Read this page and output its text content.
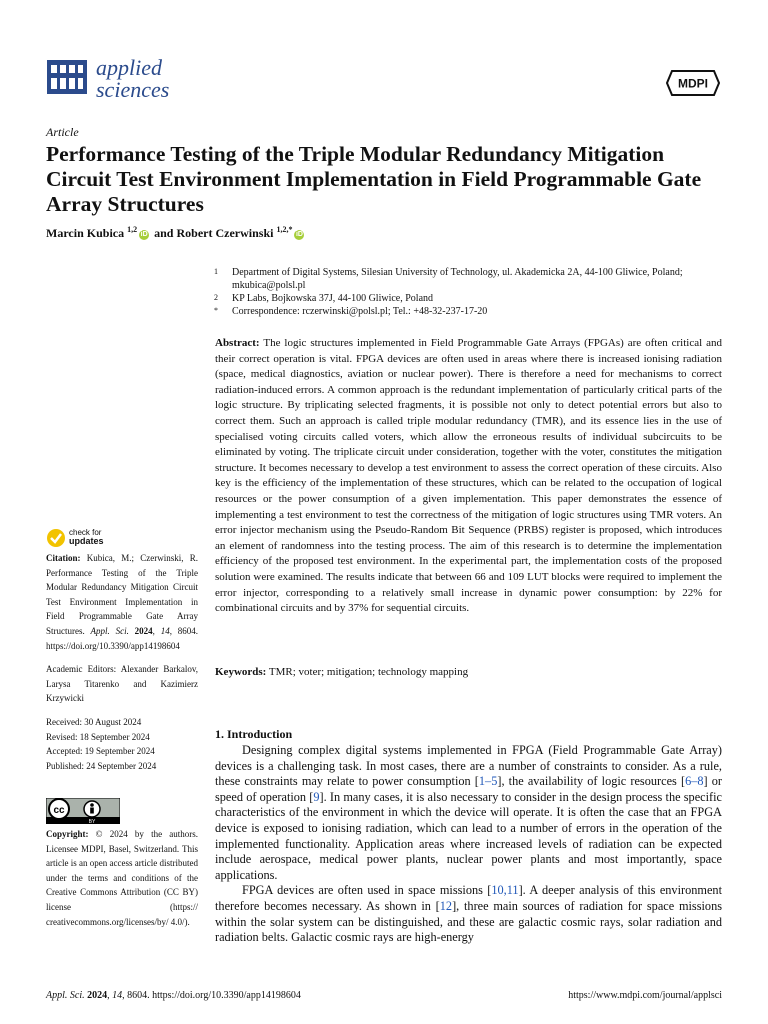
applied
sciences	MDPI
Article
Performance Testing of the Triple Modular Redundancy Mitigation Circuit Test Environment Implementation in Field Programmable Gate Array Structures
Marcin Kubica $^{1,2}$iD and Robert Czerwinski $^{1,2,*}$iD
1 Department of Digital Systems, Silesian University of Technology, ul. Akademicka 2A, 44-100 Gliwice, Poland; mkubica@polsl.pl
2 KP Labs, Bojkowska 37J, 44-100 Gliwice, Poland
* Correspondence: rczerwinski@polsl.pl; Tel.: +48-32-237-17-20
Abstract: The logic structures implemented in Field Programmable Gate Arrays (FPGAs) are often critical and their correct operation is vital. FPGA devices are often used in areas where there is increased ionising radiation (space, medical diagnostics, aviation or nuclear power). There is therefore a need for mechanisms to correct radiation-induced errors. A common approach is the redundant implementation of particularly critical parts of the logic structure. By triplicating selected fragments, it is possible not only to detect potential errors but also to correct them. Such an approach is called triple modular redundancy (TMR), and its essence lies in the use of specialised voting circuits called voters, which allow the erroneous results of individual subcircuits to be eliminated by voting. The triplicate circuit under consideration, together with the voter, constitutes the mitigation structure. It becomes necessary to develop a test environment to assess the correct operation of these circuits. Also key is the efficiency of the implementation of these structures, which can be related to the occupation of logical resources or the power consumption of a given implementation. This paper demonstrates the essence of implementing a test environment to test the correctness of the mitigation of logic structures using TMR voters. An error injector mechanism using the Pseudo-Random Bit Sequence (PRBS) register is proposed, which introduces an element of randomness into the testing process. The aim of this research is to determine the implementation efficiency of the proposed test environment. In the experimental part, the implementation costs of the proposed solution were examined. The results indicate that between 66 and 109 LUT blocks were required to implement the error injector, corresponding to a relatively small increase in dynamic power consumption: by 22% for combinational circuits and by 37% for sequential circuits.
Keywords: TMR; voter; mitigation; technology mapping
1. Introduction

Designing complex digital systems implemented in FPGA (Field Programmable Gate Array) devices is a challenging task. In most cases, there are a number of constraints to consider. As a rule, these constraints may relate to power consumption [1–5], the availability of logic resources [6–8] or speed of operation [9]. In many cases, it is also necessary to consider in the design process the specific characteristics of the environment in which the device will operate. It is often the case that an FPGA device is exposed to ionising radiation, which can lead to a number of errors in the operation of the implemented functionality. Application areas where increased levels of radiation can be expected include aerospace, medical power plants, nuclear power plants and most importantly, space applications.

FPGA devices are often used in space missions [10,11]. A deeper analysis of this environment therefore becomes necessary. As shown in [12], three main sources of radiation for space missions within the solar system can be distinguished, and these are galactic cosmic rays, solar radiation and radiation belts. Galactic cosmic rays are high-energy

check for
updates
Citation: Kubica, M.; Czerwinski, R. Performance Testing of the Triple Modular Redundancy Mitigation Circuit Test Environment Implementation in Field Programmable Gate Array Structures. Appl. Sci. 2024, 14, 8604. https://doi.org/10.3390/app14198604
Academic Editors: Alexander Barkalov, Larysa Titarenko and Kazimierz Krzywicki
Received: 30 August 2024
Revised: 18 September 2024
Accepted: 19 September 2024
Published: 24 September 2024
cc
BY
Copyright: © 2024 by the authors. Licensee MDPI, Basel, Switzerland. This article is an open access article distributed under the terms and conditions of the Creative Commons Attribution (CC BY) license (https:// creativecommons.org/licenses/by/ 4.0/).
Appl. Sci. 2024, 14, 8604. https://doi.org/10.3390/app14198604	https://www.mdpi.com/journal/applsci
